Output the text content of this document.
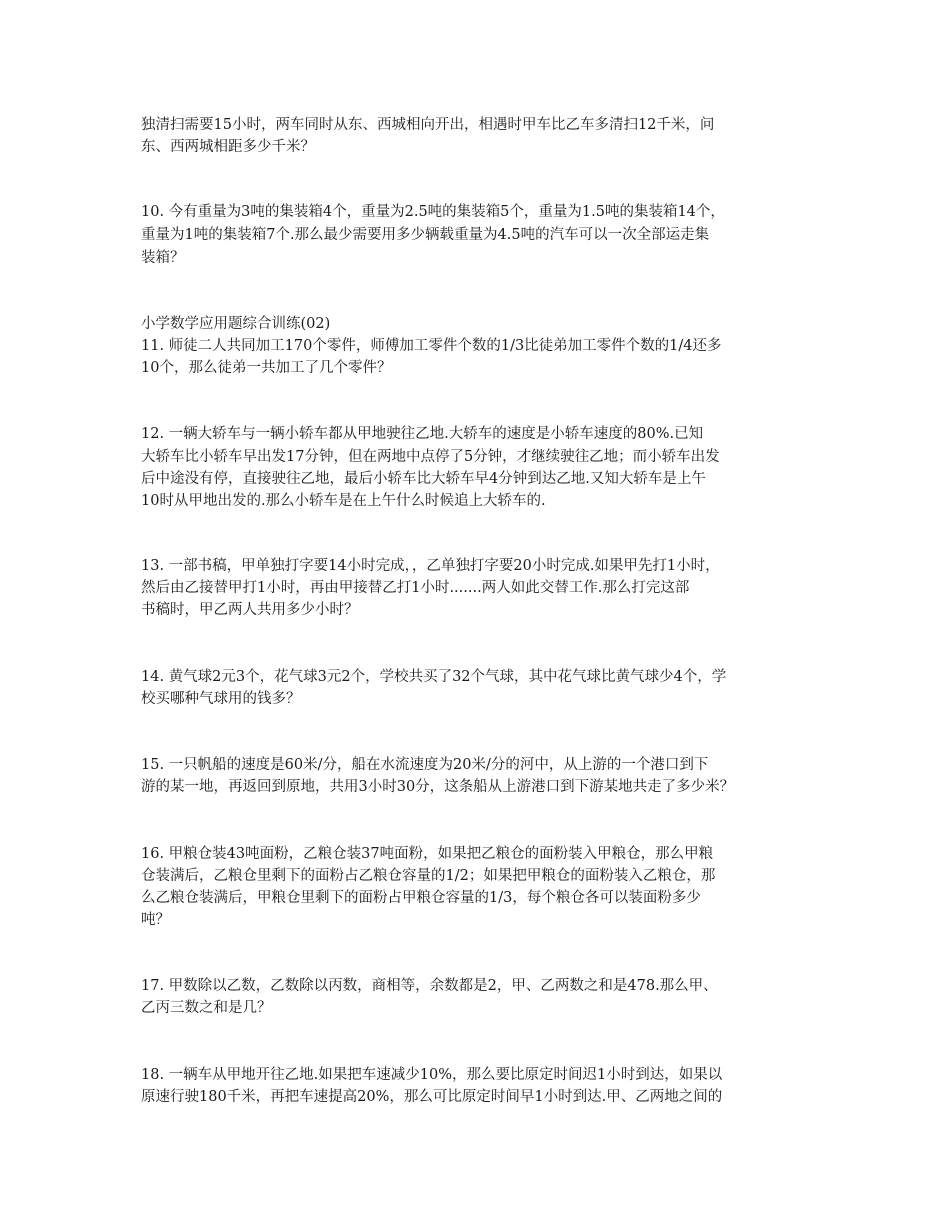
独清扫需要15小时，两车同时从东、西城相向开出，相遇时甲车比乙车多清扫12千米，问
东、西两城相距多少千米？
10. 今有重量为3吨的集装箱4个，重量为2.5吨的集装箱5个，重量为1.5吨的集装箱14个，
重量为1吨的集装箱7个.那么最少需要用多少辆载重量为4.5吨的汽车可以一次全部运走集
装箱？
小学数学应用题综合训练(02)
11. 师徒二人共同加工170个零件，师傅加工零件个数的1/3比徒弟加工零件个数的1/4还多
10个，那么徒弟一共加工了几个零件？
12. 一辆大轿车与一辆小轿车都从甲地驶往乙地.大轿车的速度是小轿车速度的80%.已知
大轿车比小轿车早出发17分钟，但在两地中点停了5分钟，才继续驶往乙地；而小轿车出发
后中途没有停，直接驶往乙地，最后小轿车比大轿车早4分钟到达乙地.又知大轿车是上午
10时从甲地出发的.那么小轿车是在上午什么时候追上大轿车的.
13. 一部书稿，甲单独打字要14小时完成，，乙单独打字要20小时完成.如果甲先打1小时，
然后由乙接替甲打1小时，再由甲接替乙打1小时.......两人如此交替工作.那么打完这部
书稿时，甲乙两人共用多少小时？
14. 黄气球2元3个，花气球3元2个，学校共买了32个气球，其中花气球比黄气球少4个，学
校买哪种气球用的钱多？
15. 一只帆船的速度是60米/分，船在水流速度为20米/分的河中，从上游的一个港口到下
游的某一地，再返回到原地，共用3小时30分，这条船从上游港口到下游某地共走了多少米？
16. 甲粮仓装43吨面粉，乙粮仓装37吨面粉，如果把乙粮仓的面粉装入甲粮仓，那么甲粮
仓装满后，乙粮仓里剩下的面粉占乙粮仓容量的1/2；如果把甲粮仓的面粉装入乙粮仓，那
么乙粮仓装满后，甲粮仓里剩下的面粉占甲粮仓容量的1/3，每个粮仓各可以装面粉多少
吨？
17. 甲数除以乙数，乙数除以丙数，商相等，余数都是2，甲、乙两数之和是478.那么甲、
乙丙三数之和是几？
18. 一辆车从甲地开往乙地.如果把车速减少10%，那么要比原定时间迟1小时到达，如果以
原速行驶180千米，再把车速提高20%，那么可比原定时间早1小时到达.甲、乙两地之间的
